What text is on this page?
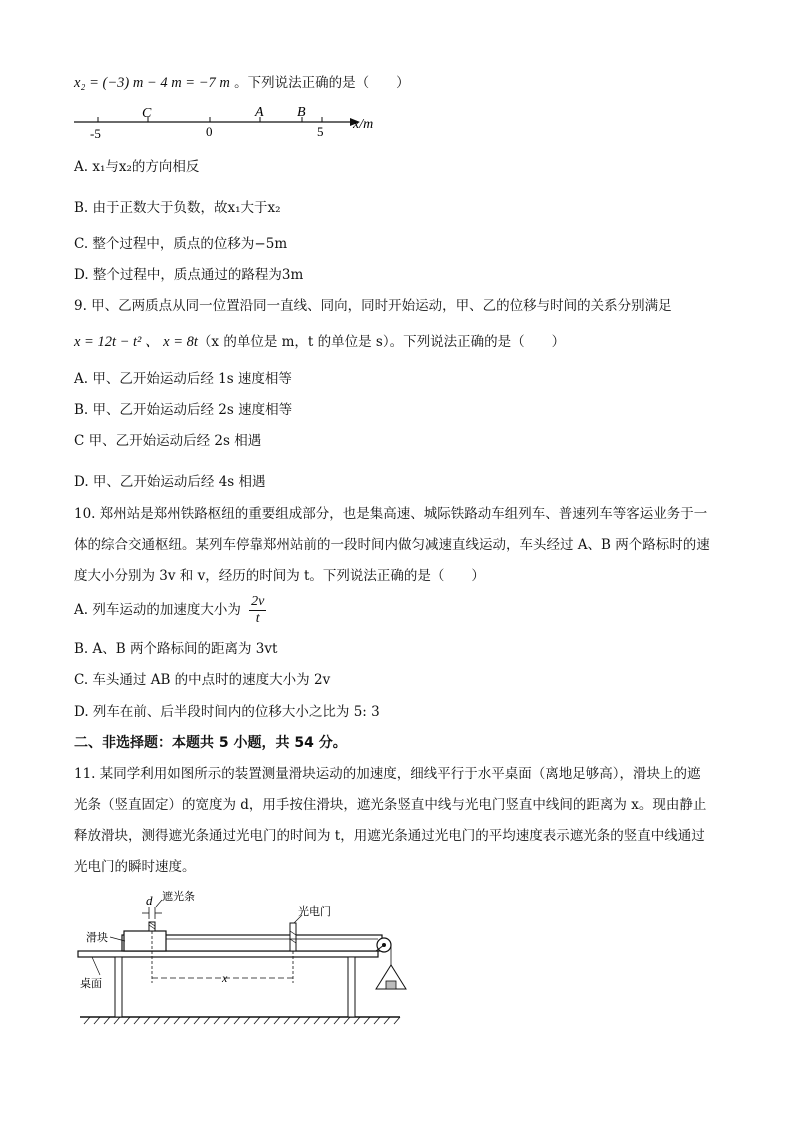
x₂ = (−3) m − 4 m = −7 m 。下列说法正确的是（　　）
C	A B
-5	0	5 x/m
A. x₁与x₂的方向相反
B. 由于正数大于负数，故x₁大于x₂
C. 整个过程中，质点的位移为−5m
D. 整个过程中，质点通过的路程为3m
9. 甲、乙两质点从同一位置沿同一直线、同向，同时开始运动，甲、乙的位移与时间的关系分别满足
x = 12t − t² 、 x = 8t（x 的单位是 m，t 的单位是 s）。下列说法正确的是（　　）
A. 甲、乙开始运动后经 1s 速度相等
B. 甲、乙开始运动后经 2s 速度相等
C 甲、乙开始运动后经 2s 相遇
D. 甲、乙开始运动后经 4s 相遇
10. 郑州站是郑州铁路枢纽的重要组成部分，也是集高速、城际铁路动车组列车、普速列车等客运业务于一
体的综合交通枢纽。某列车停靠郑州站前的一段时间内做匀减速直线运动，车头经过 A、B 两个路标时的速
度大小分别为 3v 和 v，经历的时间为 t。下列说法正确的是（　　）
A. 列车运动的加速度大小为 $\frac{2v}{t}$
B. A、B 两个路标间的距离为 3vt
C. 车头通过 AB 的中点时的速度大小为 2v
D. 列车在前、后半段时间内的位移大小之比为 5: 3
二、非选择题：本题共 5 小题，共 54 分。
11. 某同学利用如图所示的装置测量滑块运动的加速度，细线平行于水平桌面（离地足够高），滑块上的遮
光条（竖直固定）的宽度为 d，用手按住滑块，遮光条竖直中线与光电门竖直中线间的距离为 x。现由静止
释放滑块，测得遮光条通过光电门的时间为 t，用遮光条通过光电门的平均速度表示遮光条的竖直中线通过
光电门的瞬时速度。
d 遮光条
光电门
x
滑块
桌面
